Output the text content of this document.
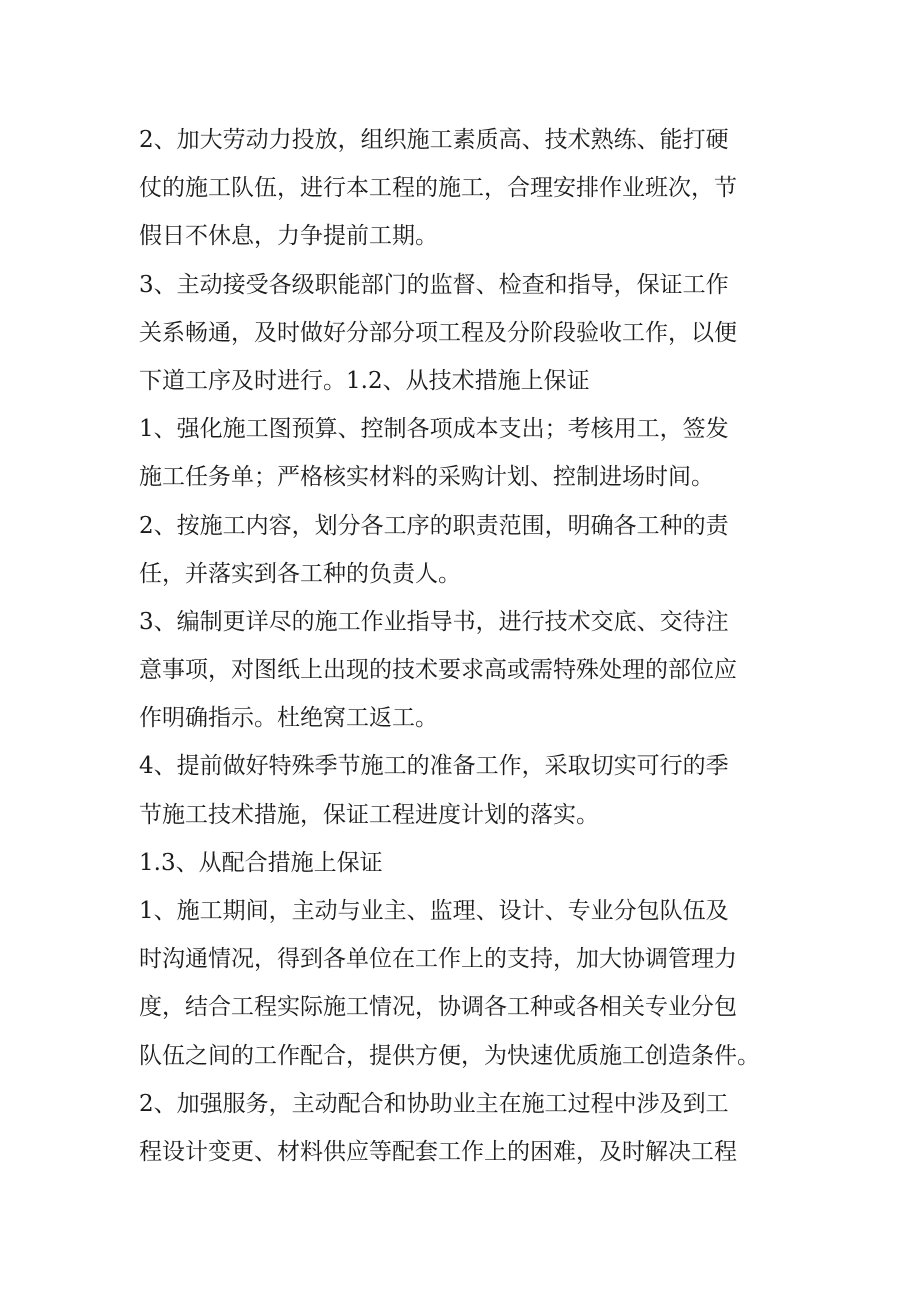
2、加大劳动力投放，组织施工素质高、技术熟练、能打硬
仗的施工队伍，进行本工程的施工，合理安排作业班次，节
假日不休息，力争提前工期。
3、主动接受各级职能部门的监督、检查和指导，保证工作
关系畅通，及时做好分部分项工程及分阶段验收工作，以便
下道工序及时进行。1.2、从技术措施上保证
1、强化施工图预算、控制各项成本支出；考核用工，签发
施工任务单；严格核实材料的采购计划、控制进场时间。
2、按施工内容，划分各工序的职责范围，明确各工种的责
任，并落实到各工种的负责人。
3、编制更详尽的施工作业指导书，进行技术交底、交待注
意事项，对图纸上出现的技术要求高或需特殊处理的部位应
作明确指示。杜绝窝工返工。
4、提前做好特殊季节施工的准备工作，采取切实可行的季
节施工技术措施，保证工程进度计划的落实。
1.3、从配合措施上保证
1、施工期间，主动与业主、监理、设计、专业分包队伍及
时沟通情况，得到各单位在工作上的支持，加大协调管理力
度，结合工程实际施工情况，协调各工种或各相关专业分包
队伍之间的工作配合，提供方便，为快速优质施工创造条件。
2、加强服务，主动配合和协助业主在施工过程中涉及到工
程设计变更、材料供应等配套工作上的困难，及时解决工程
